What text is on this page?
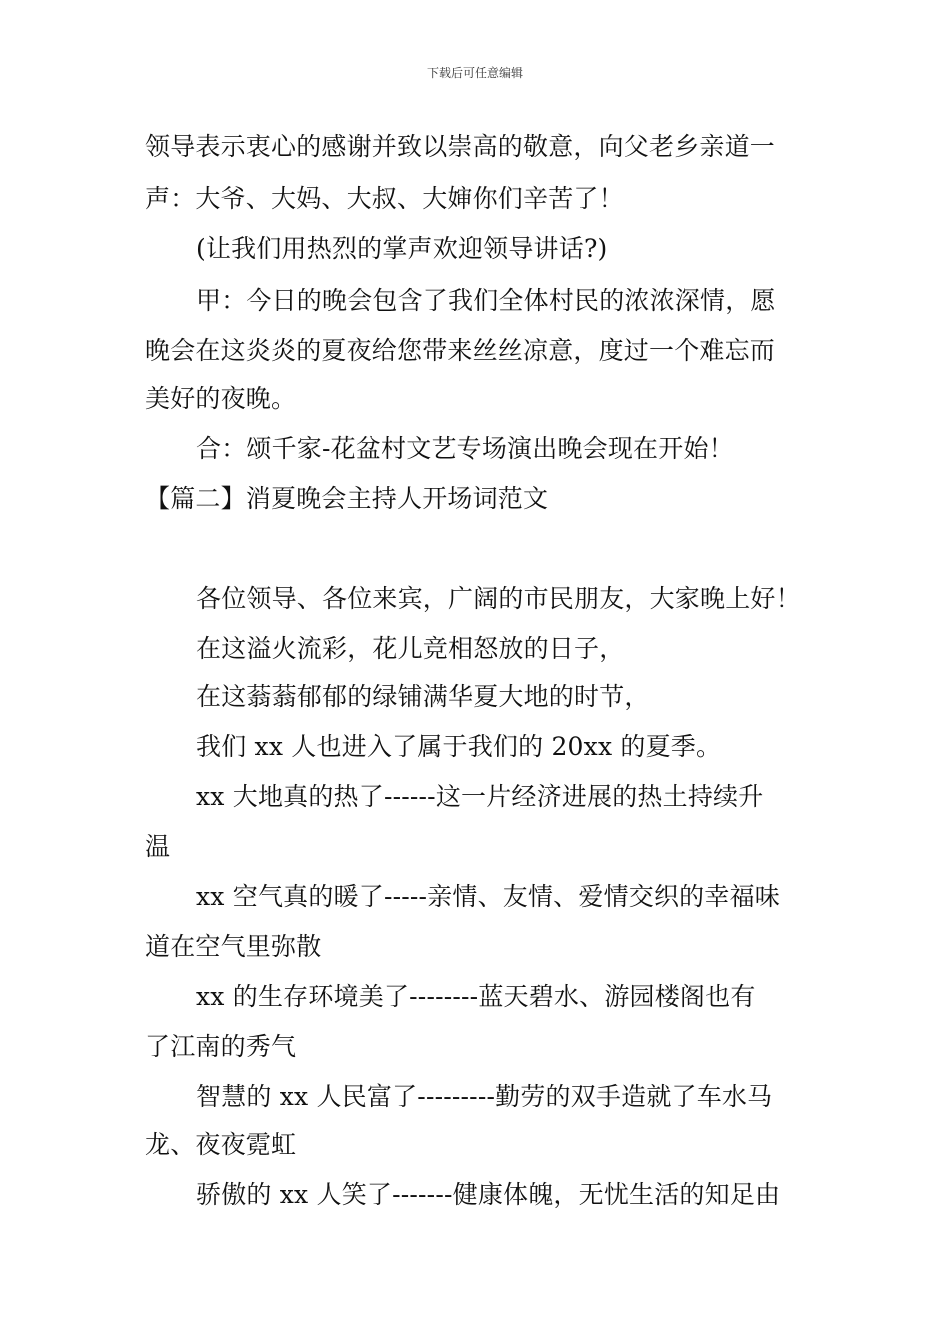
下载后可任意编辑
领导表示衷心的感谢并致以崇高的敬意，向父老乡亲道一
声：大爷、大妈、大叔、大婶你们辛苦了！
(让我们用热烈的掌声欢迎领导讲话?)
甲：今日的晚会包含了我们全体村民的浓浓深情，愿
晚会在这炎炎的夏夜给您带来丝丝凉意，度过一个难忘而
美好的夜晚。
合：颂千家-花盆村文艺专场演出晚会现在开始！
【篇二】消夏晚会主持人开场词范文
各位领导、各位来宾，广阔的市民朋友，大家晚上好！
在这溢火流彩，花儿竞相怒放的日子，
在这蓊蓊郁郁的绿铺满华夏大地的时节，
我们 xx 人也进入了属于我们的 20xx 的夏季。
xx 大地真的热了------这一片经济进展的热土持续升
温
xx 空气真的暖了-----亲情、友情、爱情交织的幸福味
道在空气里弥散
xx 的生存环境美了--------蓝天碧水、游园楼阁也有
了江南的秀气
智慧的 xx 人民富了---------勤劳的双手造就了车水马
龙、夜夜霓虹
骄傲的 xx 人笑了-------健康体魄，无忧生活的知足由
